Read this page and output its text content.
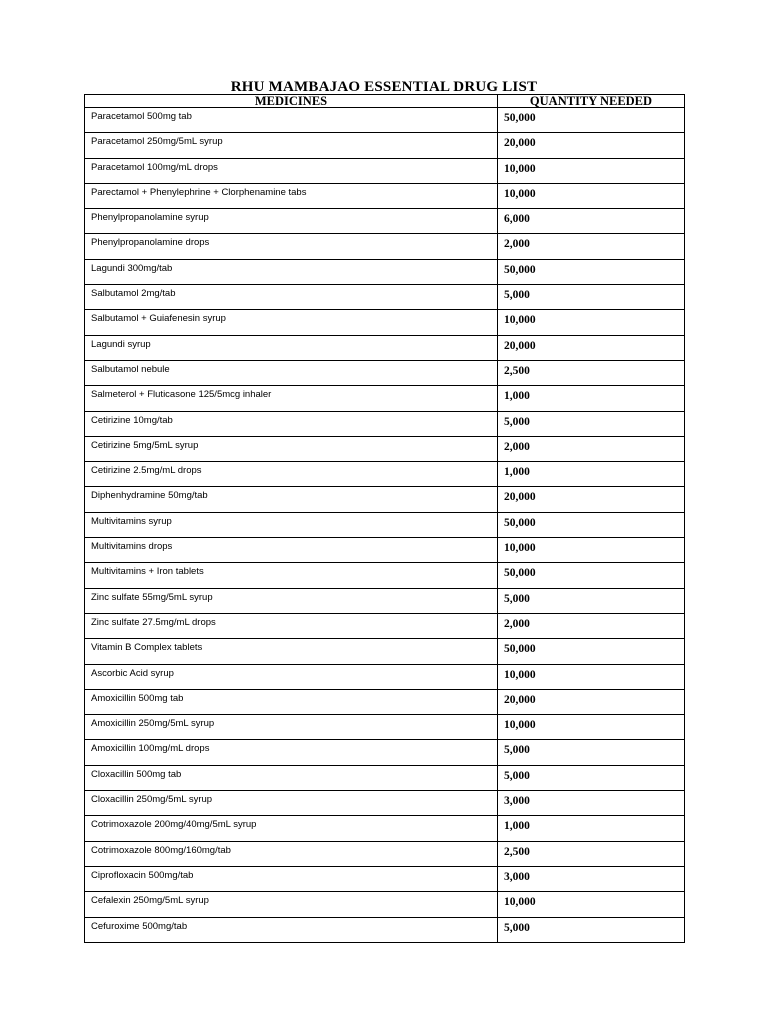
RHU MAMBAJAO ESSENTIAL DRUG LIST
MEDICINES	QUANTITY NEEDED

Paracetamol 500mg tab	50,000

Paracetamol 250mg/5mL syrup	20,000

Paracetamol 100mg/mL drops	10,000

Parectamol + Phenylephrine + Clorphenamine tabs	10,000

Phenylpropanolamine syrup	6,000

Phenylpropanolamine drops	2,000

Lagundi 300mg/tab	50,000

Salbutamol 2mg/tab	5,000

Salbutamol + Guiafenesin syrup	10,000

Lagundi syrup	20,000

Salbutamol nebule	2,500

Salmeterol + Fluticasone 125/5mcg inhaler	1,000

Cetirizine 10mg/tab	5,000

Cetirizine 5mg/5mL syrup	2,000

Cetirizine 2.5mg/mL drops	1,000

Diphenhydramine 50mg/tab	20,000

Multivitamins syrup	50,000

Multivitamins drops	10,000

Multivitamins + Iron tablets	50,000

Zinc sulfate 55mg/5mL syrup	5,000

Zinc sulfate 27.5mg/mL drops	2,000

Vitamin B Complex tablets	50,000

Ascorbic Acid syrup	10,000

Amoxicillin 500mg tab	20,000

Amoxicillin 250mg/5mL syrup	10,000

Amoxicillin 100mg/mL drops	5,000

Cloxacillin 500mg tab	5,000

Cloxacillin 250mg/5mL syrup	3,000

Cotrimoxazole 200mg/40mg/5mL syrup	1,000

Cotrimoxazole 800mg/160mg/tab	2,500

Ciprofloxacin 500mg/tab	3,000

Cefalexin 250mg/5mL syrup	10,000

Cefuroxime 500mg/tab	5,000
